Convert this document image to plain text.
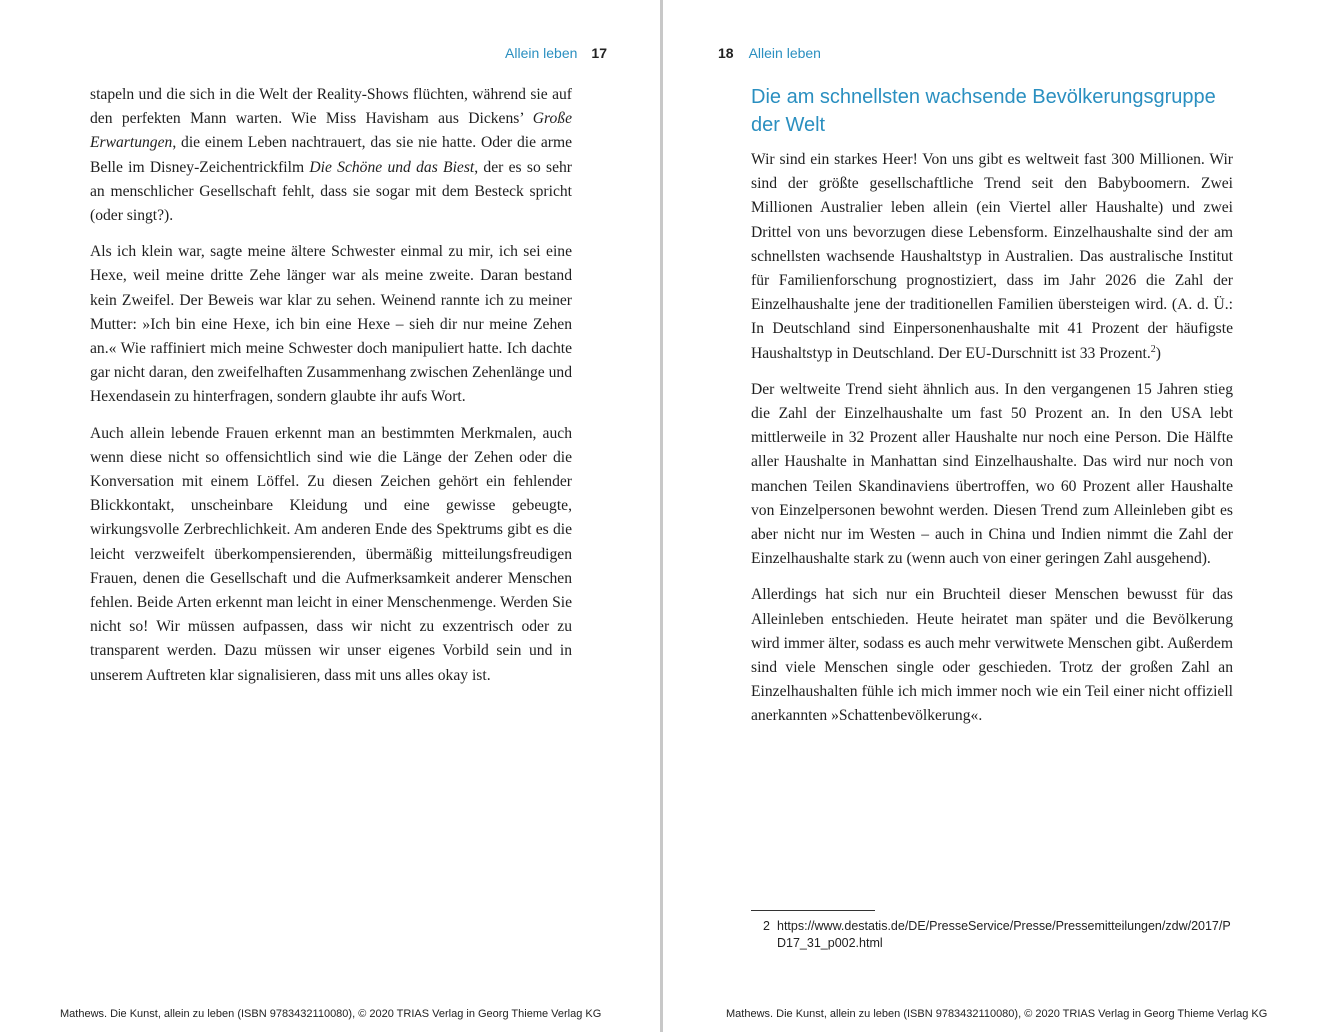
Allein leben 17

stapeln und die sich in die Welt der Reality-Shows flüchten, während sie auf den perfekten Mann warten. Wie Miss Havisham aus Dickens’ Große Erwartungen, die einem Leben nachtrauert, das sie nie hatte. Oder die arme Belle im Disney-Zeichentrickfilm Die Schöne und das Biest, der es so sehr an menschlicher Gesellschaft fehlt, dass sie sogar mit dem Besteck spricht (oder singt?).

Als ich klein war, sagte meine ältere Schwester einmal zu mir, ich sei eine Hexe, weil meine dritte Zehe länger war als meine zweite. Daran bestand kein Zweifel. Der Beweis war klar zu sehen. Weinend rannte ich zu meiner Mutter: »Ich bin eine Hexe, ich bin eine Hexe – sieh dir nur meine Zehen an.« Wie raffiniert mich meine Schwester doch manipuliert hatte. Ich dachte gar nicht daran, den zweifelhaften Zusammenhang zwischen Zehenlänge und Hexendasein zu hinterfragen, sondern glaubte ihr aufs Wort.

Auch allein lebende Frauen erkennt man an bestimmten Merkmalen, auch wenn diese nicht so offensichtlich sind wie die Länge der Zehen oder die Konversation mit einem Löffel. Zu diesen Zeichen gehört ein fehlender Blickkontakt, unscheinbare Kleidung und eine gewisse gebeugte, wirkungsvolle Zerbrechlichkeit. Am anderen Ende des Spektrums gibt es die leicht verzweifelt überkompensierenden, übermäßig mitteilungsfreudigen Frauen, denen die Gesellschaft und die Aufmerksamkeit anderer Menschen fehlen. Beide Arten erkennt man leicht in einer Menschenmenge. Werden Sie nicht so! Wir müssen aufpassen, dass wir nicht zu exzentrisch oder zu transparent werden. Dazu müssen wir unser eigenes Vorbild sein und in unserem Auftreten klar signalisieren, dass mit uns alles okay ist.

Mathews. Die Kunst, allein zu leben (ISBN 9783432110080), © 2020 TRIAS Verlag in Georg Thieme Verlag KG
18 Allein leben
Die am schnellsten wachsende Bevölkerungsgruppe der Welt

Wir sind ein starkes Heer! Von uns gibt es weltweit fast 300 Millionen. Wir sind der größte gesellschaftliche Trend seit den Babyboomern. Zwei Millionen Australier leben allein (ein Viertel aller Haushalte) und zwei Drittel von uns bevorzugen diese Lebensform. Einzelhaushalte sind der am schnellsten wachsende Haushaltstyp in Australien. Das australische Institut für Familienforschung prognostiziert, dass im Jahr 2026 die Zahl der Einzelhaushalte jene der traditionellen Familien übersteigen wird. (A. d. Ü.: In Deutschland sind Einpersonenhaushalte mit 41 Prozent der häufigste Haushaltstyp in Deutschland. Der EU-Durschnitt ist 33 Prozent.$^2$)

Der weltweite Trend sieht ähnlich aus. In den vergangenen 15 Jahren stieg die Zahl der Einzelhaushalte um fast 50 Prozent an. In den USA lebt mittlerweile in 32 Prozent aller Haushalte nur noch eine Person. Die Hälfte aller Haushalte in Manhattan sind Einzelhaushalte. Das wird nur noch von manchen Teilen Skandinaviens übertroffen, wo 60 Prozent aller Haushalte von Einzelpersonen bewohnt werden. Diesen Trend zum Alleinleben gibt es aber nicht nur im Westen – auch in China und Indien nimmt die Zahl der Einzelhaushalte stark zu (wenn auch von einer geringen Zahl ausgehend).

Allerdings hat sich nur ein Bruchteil dieser Menschen bewusst für das Alleinleben entschieden. Heute heiratet man später und die Bevölkerung wird immer älter, sodass es auch mehr verwitwete Menschen gibt. Außerdem sind viele Menschen single oder geschieden. Trotz der großen Zahl an Einzelhaushalten fühle ich mich immer noch wie ein Teil einer nicht offiziell anerkannten »Schattenbevölkerung«.

2 https://www.destatis.de/DE/PresseService/Presse/Pressemitteilungen/zdw/2017/PD17_31_p002.html
Mathews. Die Kunst, allein zu leben (ISBN 9783432110080), © 2020 TRIAS Verlag in Georg Thieme Verlag KG
